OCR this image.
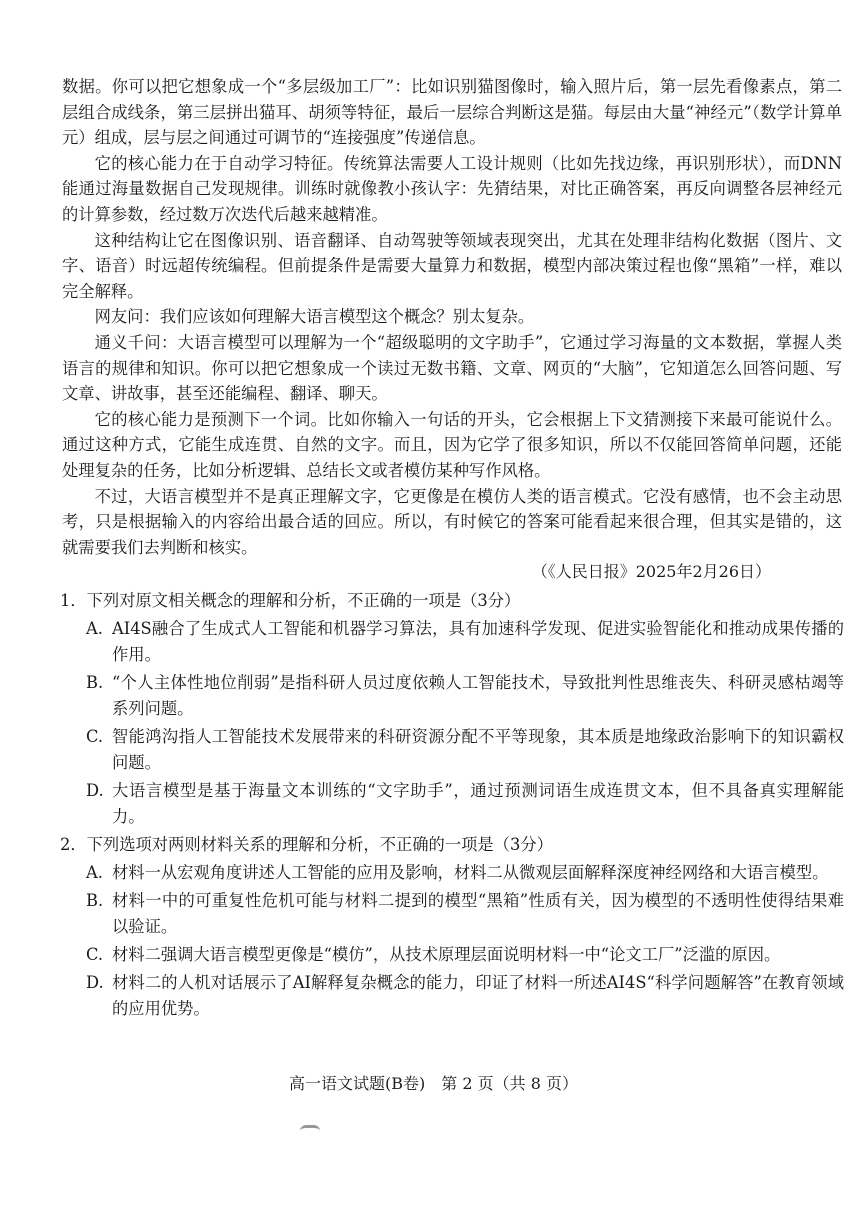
数据。你可以把它想象成一个“多层级加工厂”：比如识别猫图像时，输入照片后，第一层先看像素点，第二层组合成线条，第三层拼出猫耳、胡须等特征，最后一层综合判断这是猫。每层由大量“神经元”（数学计算单元）组成，层与层之间通过可调节的“连接强度”传递信息。

它的核心能力在于自动学习特征。传统算法需要人工设计规则（比如先找边缘，再识别形状），而DNN能通过海量数据自己发现规律。训练时就像教小孩认字：先猜结果，对比正确答案，再反向调整各层神经元的计算参数，经过数万次迭代后越来越精准。

这种结构让它在图像识别、语音翻译、自动驾驶等领域表现突出，尤其在处理非结构化数据（图片、文字、语音）时远超传统编程。但前提条件是需要大量算力和数据，模型内部决策过程也像“黑箱”一样，难以完全解释。

网友问：我们应该如何理解大语言模型这个概念？别太复杂。

通义千问：大语言模型可以理解为一个“超级聪明的文字助手”，它通过学习海量的文本数据，掌握人类语言的规律和知识。你可以把它想象成一个读过无数书籍、文章、网页的“大脑”，它知道怎么回答问题、写文章、讲故事，甚至还能编程、翻译、聊天。

它的核心能力是预测下一个词。比如你输入一句话的开头，它会根据上下文猜测接下来最可能说什么。通过这种方式，它能生成连贯、自然的文字。而且，因为它学了很多知识，所以不仅能回答简单问题，还能处理复杂的任务，比如分析逻辑、总结长文或者模仿某种写作风格。

不过，大语言模型并不是真正理解文字，它更像是在模仿人类的语言模式。它没有感情，也不会主动思考，只是根据输入的内容给出最合适的回应。所以，有时候它的答案可能看起来很合理，但其实是错的，这就需要我们去判断和核实。

（《人民日报》2025年2月26日）

1．下列对原文相关概念的理解和分析，不正确的一项是（3分）

A. AI4S融合了生成式人工智能和机器学习算法，具有加速科学发现、促进实验智能化和推动成果传播的作用。
B. “个人主体性地位削弱”是指科研人员过度依赖人工智能技术，导致批判性思维丧失、科研灵感枯竭等系列问题。
C. 智能鸿沟指人工智能技术发展带来的科研资源分配不平等现象，其本质是地缘政治影响下的知识霸权问题。
D. 大语言模型是基于海量文本训练的“文字助手”，通过预测词语生成连贯文本，但不具备真实理解能力。

2．下列选项对两则材料关系的理解和分析，不正确的一项是（3分）

A. 材料一从宏观角度讲述人工智能的应用及影响，材料二从微观层面解释深度神经网络和大语言模型。
B. 材料一中的可重复性危机可能与材料二提到的模型“黑箱”性质有关，因为模型的不透明性使得结果难以验证。
C. 材料二强调大语言模型更像是“模仿”，从技术原理层面说明材料一中“论文工厂”泛滥的原因。
D. 材料二的人机对话展示了AI解释复杂概念的能力，印证了材料一所述AI4S“科学问题解答”在教育领域的应用优势。
高一语文试题(B卷)　第 2 页（共 8 页）
